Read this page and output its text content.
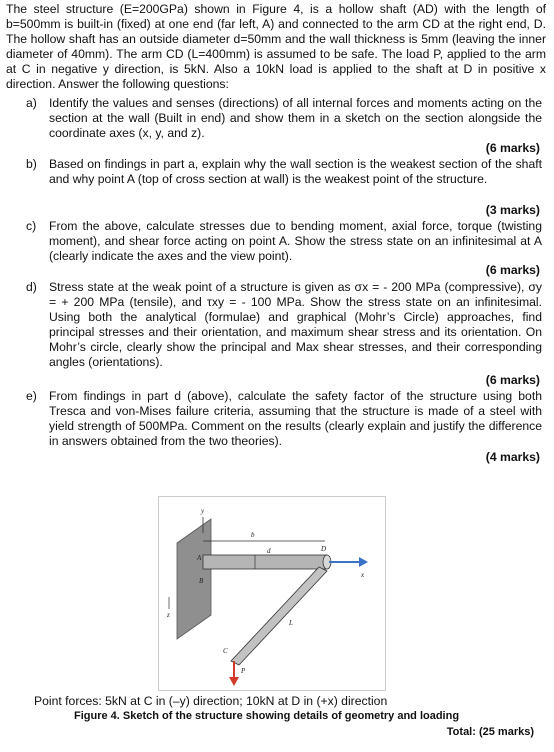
The steel structure (E=200GPa) shown in Figure 4, is a hollow shaft (AD) with the length of b=500mm is built-in (fixed) at one end (far left, A) and connected to the arm CD at the right end, D. The hollow shaft has an outside diameter d=50mm and the wall thickness is 5mm (leaving the inner diameter of 40mm). The arm CD (L=400mm) is assumed to be safe. The load P, applied to the arm at C in negative y direction, is 5kN. Also a 10kN load is applied to the shaft at D in positive x direction. Answer the following questions:
a) Identify the values and senses (directions) of all internal forces and moments acting on the section at the wall (Built in end) and show them in a sketch on the section alongside the coordinate axes (x, y, and z).
(6 marks)
b) Based on findings in part a, explain why the wall section is the weakest section of the shaft and why point A (top of cross section at wall) is the weakest point of the structure.
(3 marks)
c)	From the above, calculate stresses due to bending moment, axial force, torque (twisting moment), and shear force acting on point A. Show the stress state on an infinitesimal at A (clearly indicate the axes and the view point).
(6 marks)
d) Stress state at the weak point of a structure is given as σx = - 200 MPa (compressive), σy = + 200 MPa (tensile), and τxy = - 100 MPa. Show the stress state on an infinitesimal. Using both the analytical (formulae) and graphical (Mohr’s Circle) approaches, find principal stresses and their orientation, and maximum shear stress and its orientation. On Mohr’s circle, clearly show the principal and Max shear stresses, and their corresponding angles (orientations).
(6 marks)
e) From findings in part d (above), calculate the safety factor of the structure using both Tresca and von-Mises failure criteria, assuming that the structure is made of a steel with yield strength of 500MPa. Comment on the results (clearly explain and justify the difference in answers obtained from the two theories).
(4 marks)
y
b
d
A
B
D
x
z
L
C
P
Point forces: 5kN at C in (–y) direction; 10kN at D in (+x) direction
Figure 4. Sketch of the structure showing details of geometry and loading
Total: (25 marks)
